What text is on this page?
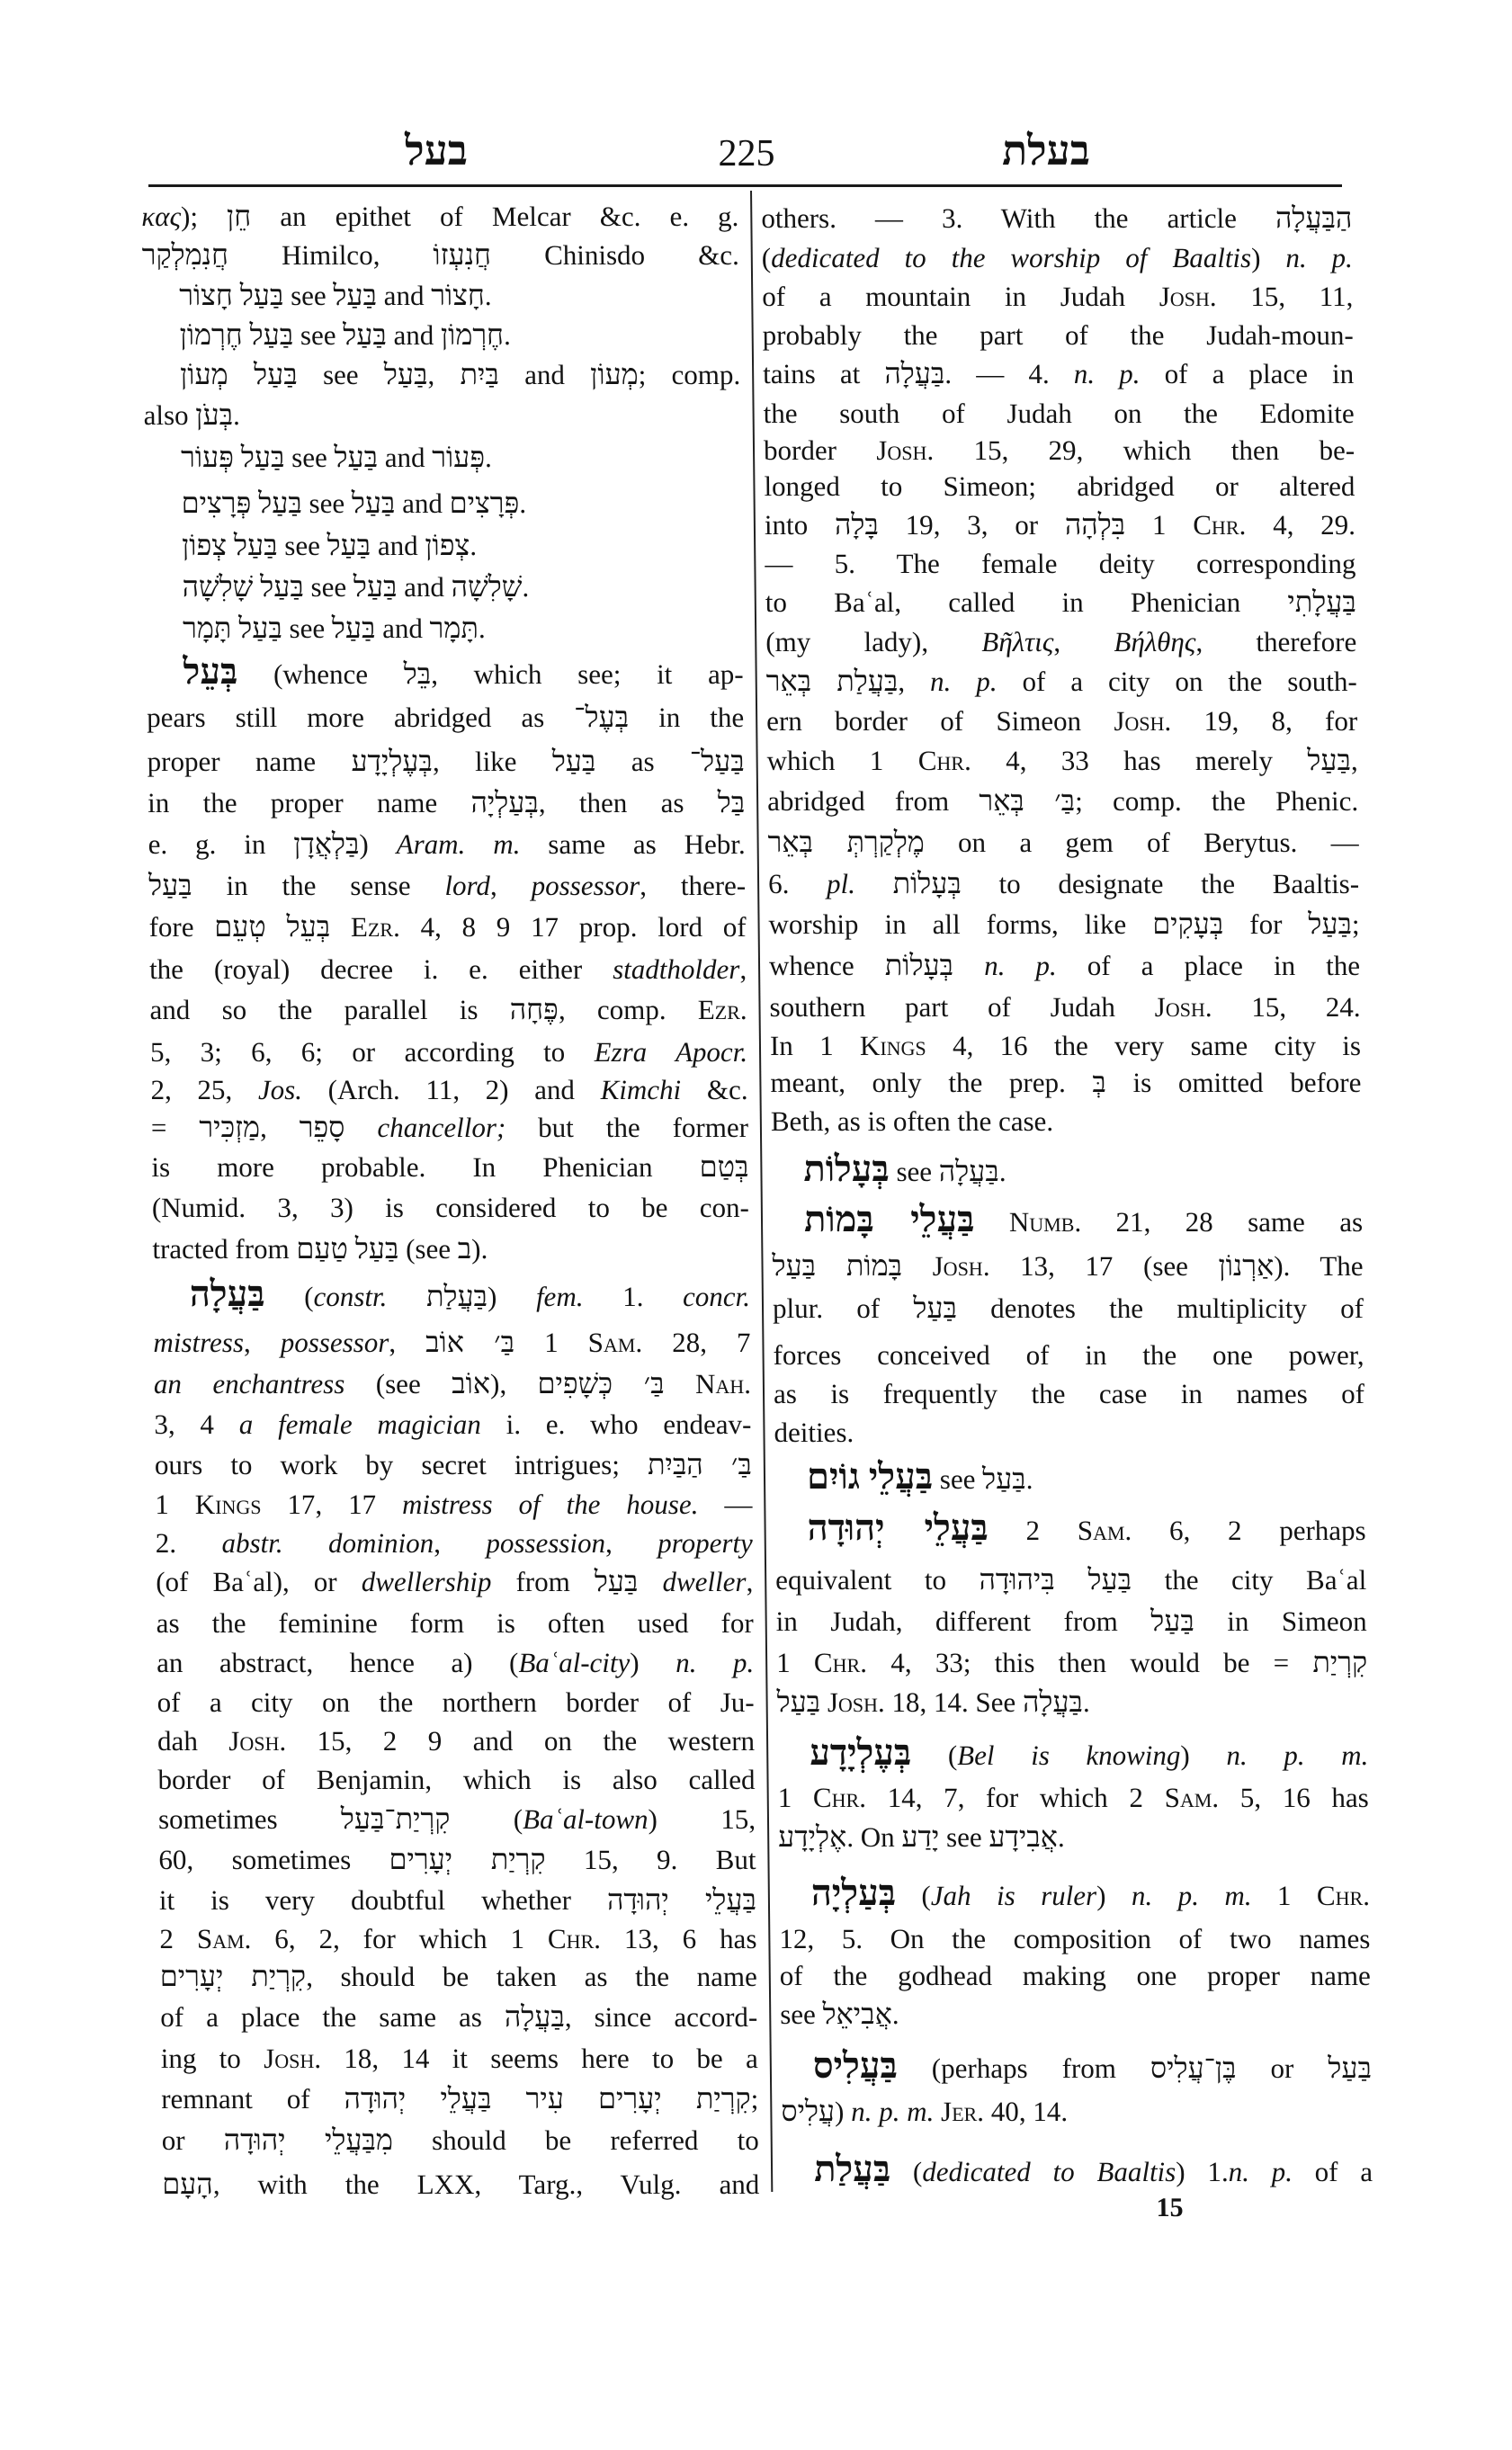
בעל	225	בעלת
κας); חֵן an epithet of Melcar &c. e. g.
חֲנִמִלְקַר Himilco, חֲנִעְזוֹ Chinisdo &c.
בַּעַל חָצוֹר see בַּעַל and חָצוֹר.
בַּעַל חֶרְמוֹן see בַּעַל and חֶרְמוֹן.
בַּעַל מְעוֹן see בַּעַל, בַּיִת and מְעוֹן; comp.
also בְּעֹן.
בַּעַל פְּעוֹר see בַּעַל and פְּעוֹר.
בַּעַל פְּרָצִים see בַּעַל and פְּרָצִים.
בַּעַל צְפוֹן see בַּעַל and צְפוֹן.
בַּעַל שָׁלִשָׁה see בַּעַל and שָׁלִשָׁה.
בַּעַל תָּמָר see בַּעַל and תָּמָר.
בְּעֵל (whence בֵּל, which see; it ap-
pears still more abridged as בְּעֶל־ in the
proper name בְּעֶלְיָדָע, like בַּעַל as בַּעַל־
in the proper name בְּעַלְיָה, then as בַּל
e. g. in בַּלְאֲדָן) Aram. m. same as Hebr.
בַּעַל in the sense lord, possessor, there-
fore בְּעֵל טְעֵם Ezr. 4, 8 9 17 prop. lord of
the (royal) decree i. e. either stadtholder,
and so the parallel is פֶּחָה, comp. Ezr.
5, 3; 6, 6; or according to Ezra Apocr.
2, 25, Jos. (Arch. 11, 2) and Kimchi &c.
= מַזְכִּיר, סָפֵר chancellor; but the former
is more probable. In Phenician בְּטַם
(Numid. 3, 3) is considered to be con-
tracted from בַּעַל טַעַם (see ב).
בַּעֲלָה (constr. בַּעֲלַת) fem. 1. concr.
mistress, possessor, בַּ׳ אוֹב 1 Sam. 28, 7
an enchantress (see אוֹב), בַּ׳ כְּשָׁפִים Nah.
3, 4 a female magician i. e. who endeav-
ours to work by secret intrigues; בַּ׳ הַבַּיִת
1 Kings 17, 17 mistress of the house. —
2. abstr. dominion, possession, property
(of Baʿal), or dwellership from בַּעַל dweller,
as the feminine form is often used for
an abstract, hence a) (Baʿal-city) n. p.
of a city on the northern border of Ju-
dah Josh. 15, 2 9 and on the western
border of Benjamin, which is also called
sometimes קִרְיַת־בַּעַל (Baʿal-town) 15,
60, sometimes קִרְיַת יְעָרִים 15, 9. But
it is very doubtful whether בַּעֲלֵי יְהוּדָה
2 Sam. 6, 2, for which 1 Chr. 13, 6 has
קִרְיַת יְעָרִים, should be taken as the name
of a place the same as בַּעֲלָה, since accord-
ing to Josh. 18, 14 it seems here to be a
remnant of קִרְיַת יְעָרִים עִיר בַּעֲלֵי יְהוּדָה;
or מִבַּעֲלֵי יְהוּדָה should be referred to
הָעָם, with the LXX, Targ., Vulg. and
others. — 3. With the article הַבַּעֲלָה
(dedicated to the worship of Baaltis) n. p.
of a mountain in Judah Josh. 15, 11,
probably the part of the Judah-moun-
tains at בַּעֲלָה. — 4. n. p. of a place in
the south of Judah on the Edomite
border Josh. 15, 29, which then be-
longed to Simeon; abridged or altered
into בָּלָה 19, 3, or בִּלְהָה 1 Chr. 4, 29.
— 5. The female deity corresponding
to Baʿal, called in Phenician בַּעֲלָתִי
(my lady), Βῆλτις, Βήλθης, therefore
בַּעֲלַת בְּאֵר, n. p. of a city on the south-
ern border of Simeon Josh. 19, 8, for
which 1 Chr. 4, 33 has merely בַּעַל,
abridged from בַּ׳ בְּאֵר; comp. the Phenic.
מֶלְקַרְתְּ בְּאֵר on a gem of Berytus. —
6. pl. בְּעָלוֹת to designate the Baaltis-
worship in all forms, like בְּעָקִים for בַּעַל;
whence בְּעָלוֹת n. p. of a place in the
southern part of Judah Josh. 15, 24.
In 1 Kings 4, 16 the very same city is
meant, only the prep. בְּ is omitted before
Beth, as is often the case.
בְּעָלוֹת see בַּעֲלָה.
בַּעֲלֵי בָּמוֹת Numb. 21, 28 same as
בָּמוֹת בַּעַל Josh. 13, 17 (see אַרְנוֹן). The
plur. of בַּעַל denotes the multiplicity of
forces conceived of in the one power,
as is frequently the case in names of
deities.
בַּעֲלֵי גוֹיִם see בַּעַל.
בַּעֲלֵי יְהוּדָה 2 Sam. 6, 2 perhaps
equivalent to בַּעַל בִּיהוּדָה the city Baʿal
in Judah, different from בַּעַל in Simeon
1 Chr. 4, 33; this then would be = קִרְיַת
בַּעַל Josh. 18, 14. See בַּעֲלָה.
בְּעֶלְיָדָע (Bel is knowing) n. p. m.
1 Chr. 14, 7, for which 2 Sam. 5, 16 has
אֶלְיָדָע. On יָדַע see אֲבִידָע.
בְּעַלְיָה (Jah is ruler) n. p. m. 1 Chr.
12, 5. On the composition of two names
of the godhead making one proper name
see אֲבִיאֵל.
בַּעֲלִיס (perhaps from בֶּן־עֲלִיס or בַּעַל
עֲלִיס) n. p. m. Jer. 40, 14.
בַּעֲלַת (dedicated to Baaltis) 1.n. p. of a
15
